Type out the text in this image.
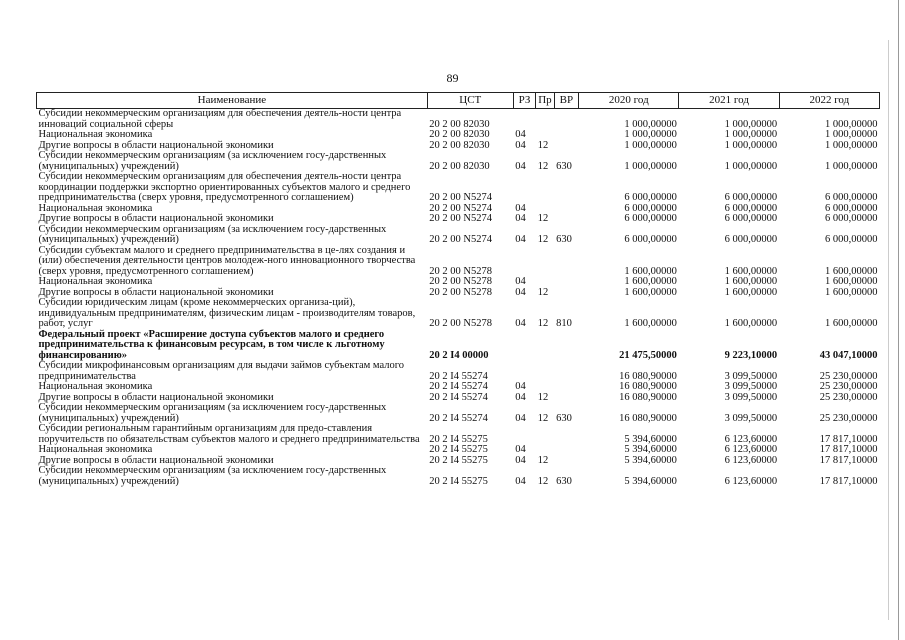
89
Наименование	ЦСТ	РЗ	Пр	ВР	2020 год	2021 год	2022 год
Субсидии некоммерческим организациям для обеспечения деятель-ности центра инноваций социальной сферы	20 2 00 82030				1 000,00000	1 000,00000	1 000,00000
Национальная экономика	20 2 00 82030	04			1 000,00000	1 000,00000	1 000,00000
Другие вопросы в области национальной экономики	20 2 00 82030	04	12		1 000,00000	1 000,00000	1 000,00000
Субсидии некоммерческим организациям (за исключением госу-дарственных (муниципальных) учреждений)	20 2 00 82030	04	12	630	1 000,00000	1 000,00000	1 000,00000
Субсидии некоммерческим организациям для обеспечения деятель-ности центра координации поддержки экспортно ориентированных субъектов малого и среднего предпринимательства (сверх уровня, предусмотренного соглашением)	20 2 00 N5274				6 000,00000	6 000,00000	6 000,00000
Национальная экономика	20 2 00 N5274	04			6 000,00000	6 000,00000	6 000,00000
Другие вопросы в области национальной экономики	20 2 00 N5274	04	12		6 000,00000	6 000,00000	6 000,00000
Субсидии некоммерческим организациям (за исключением госу-дарственных (муниципальных) учреждений)	20 2 00 N5274	04	12	630	6 000,00000	6 000,00000	6 000,00000
Субсидии субъектам малого и среднего предпринимательства в це-лях создания и (или) обеспечения деятельности центров молодеж-ного инновационного творчества (сверх уровня, предусмотренного соглашением)	20 2 00 N5278				1 600,00000	1 600,00000	1 600,00000
Национальная экономика	20 2 00 N5278	04			1 600,00000	1 600,00000	1 600,00000
Другие вопросы в области национальной экономики	20 2 00 N5278	04	12		1 600,00000	1 600,00000	1 600,00000
Субсидии юридическим лицам (кроме некоммерческих организа-ций), индивидуальным предпринимателям, физическим лицам - производителям товаров, работ, услуг	20 2 00 N5278	04	12	810	1 600,00000	1 600,00000	1 600,00000
Федеральный проект «Расширение доступа субъектов малого и среднего предпринимательства к финансовым ресурсам, в том числе к льготному финансированию»	20 2 I4 00000				21 475,50000	9 223,10000	43 047,10000
Субсидии микрофинансовым организациям для выдачи займов субъектам малого предпринимательства	20 2 I4 55274				16 080,90000	3 099,50000	25 230,00000
Национальная экономика	20 2 I4 55274	04			16 080,90000	3 099,50000	25 230,00000
Другие вопросы в области национальной экономики	20 2 I4 55274	04	12		16 080,90000	3 099,50000	25 230,00000
Субсидии некоммерческим организациям (за исключением госу-дарственных (муниципальных) учреждений)	20 2 I4 55274	04	12	630	16 080,90000	3 099,50000	25 230,00000
Субсидии региональным гарантийным организациям для предо-ставления поручительств по обязательствам субъектов малого и среднего предпринимательства	20 2 I4 55275				5 394,60000	6 123,60000	17 817,10000
Национальная экономика	20 2 I4 55275	04			5 394,60000	6 123,60000	17 817,10000
Другие вопросы в области национальной экономики	20 2 I4 55275	04	12		5 394,60000	6 123,60000	17 817,10000
Субсидии некоммерческим организациям (за исключением госу-дарственных (муниципальных) учреждений)	20 2 I4 55275	04	12	630	5 394,60000	6 123,60000	17 817,10000
